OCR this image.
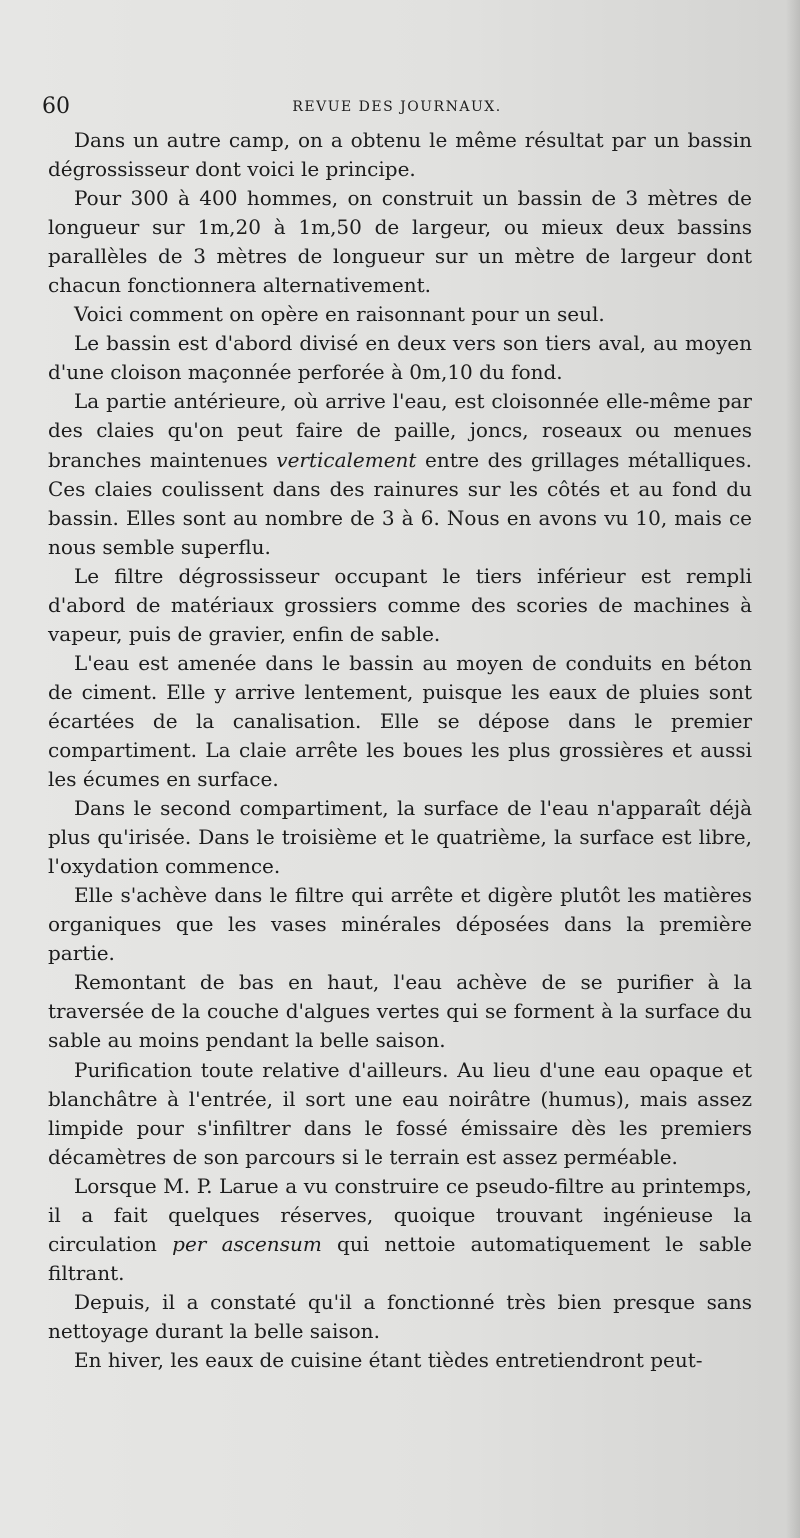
60	REVUE DES JOURNAUX.

Dans un autre camp, on a obtenu le même résultat par un bassin dégrossisseur dont voici le principe.

Pour 300 à 400 hommes, on construit un bassin de 3 mètres de longueur sur 1m,20 à 1m,50 de largeur, ou mieux deux bassins parallèles de 3 mètres de longueur sur un mètre de largeur dont chacun fonctionnera alternativement.

Voici comment on opère en raisonnant pour un seul.

Le bassin est d'abord divisé en deux vers son tiers aval, au moyen d'une cloison maçonnée perforée à 0m,10 du fond.

La partie antérieure, où arrive l'eau, est cloisonnée elle-même par des claies qu'on peut faire de paille, joncs, roseaux ou menues branches maintenues verticalement entre des grillages métalliques. Ces claies coulissent dans des rainures sur les côtés et au fond du bassin. Elles sont au nombre de 3 à 6. Nous en avons vu 10, mais ce nous semble superflu.

Le filtre dégrossisseur occupant le tiers inférieur est rempli d'abord de matériaux grossiers comme des scories de machines à vapeur, puis de gravier, enfin de sable.

L'eau est amenée dans le bassin au moyen de conduits en béton de ciment. Elle y arrive lentement, puisque les eaux de pluies sont écartées de la canalisation. Elle se dépose dans le premier compartiment. La claie arrête les boues les plus grossières et aussi les écumes en surface.

Dans le second compartiment, la surface de l'eau n'apparaît déjà plus qu'irisée. Dans le troisième et le quatrième, la surface est libre, l'oxydation commence.

Elle s'achève dans le filtre qui arrête et digère plutôt les matières organiques que les vases minérales déposées dans la première partie.

Remontant de bas en haut, l'eau achève de se purifier à la traversée de la couche d'algues vertes qui se forment à la surface du sable au moins pendant la belle saison.

Purification toute relative d'ailleurs. Au lieu d'une eau opaque et blanchâtre à l'entrée, il sort une eau noirâtre (humus), mais assez limpide pour s'infiltrer dans le fossé émissaire dès les premiers décamètres de son parcours si le terrain est assez perméable.

Lorsque M. P. Larue a vu construire ce pseudo-filtre au printemps, il a fait quelques réserves, quoique trouvant ingénieuse la circulation per ascensum qui nettoie automatiquement le sable filtrant.

Depuis, il a constaté qu'il a fonctionné très bien presque sans nettoyage durant la belle saison.

En hiver, les eaux de cuisine étant tièdes entretiendront peut-
